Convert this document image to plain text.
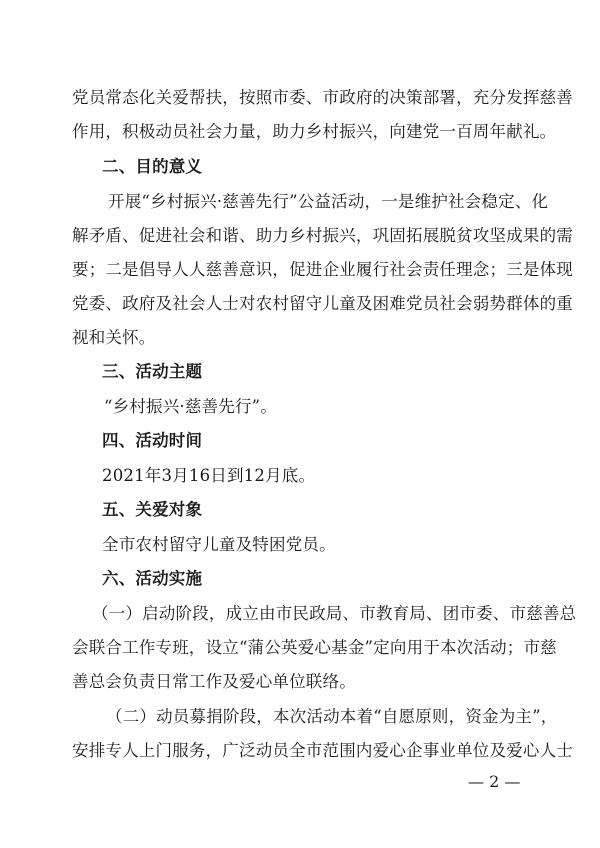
党员常态化关爱帮扶，按照市委、市政府的决策部署，充分发挥慈善
作用，积极动员社会力量，助力乡村振兴，向建党一百周年献礼。
二、目的意义
开展“乡村振兴·慈善先行”公益活动，一是维护社会稳定、化
解矛盾、促进社会和谐、助力乡村振兴，巩固拓展脱贫攻坚成果的需
要；二是倡导人人慈善意识，促进企业履行社会责任理念；三是体现
党委、政府及社会人士对农村留守儿童及困难党员社会弱势群体的重
视和关怀。
三、活动主题
“乡村振兴·慈善先行”。
四、活动时间
2021年3月16日到12月底。
五、关爱对象
全市农村留守儿童及特困党员。
六、活动实施
（一）启动阶段，成立由市民政局、市教育局、团市委、市慈善总
会联合工作专班，设立“蒲公英爱心基金”定向用于本次活动；市慈
善总会负责日常工作及爱心单位联络。
（二）动员募捐阶段，本次活动本着“自愿原则，资金为主”，
安排专人上门服务，广泛动员全市范围内爱心企事业单位及爱心人士
— 2 —
